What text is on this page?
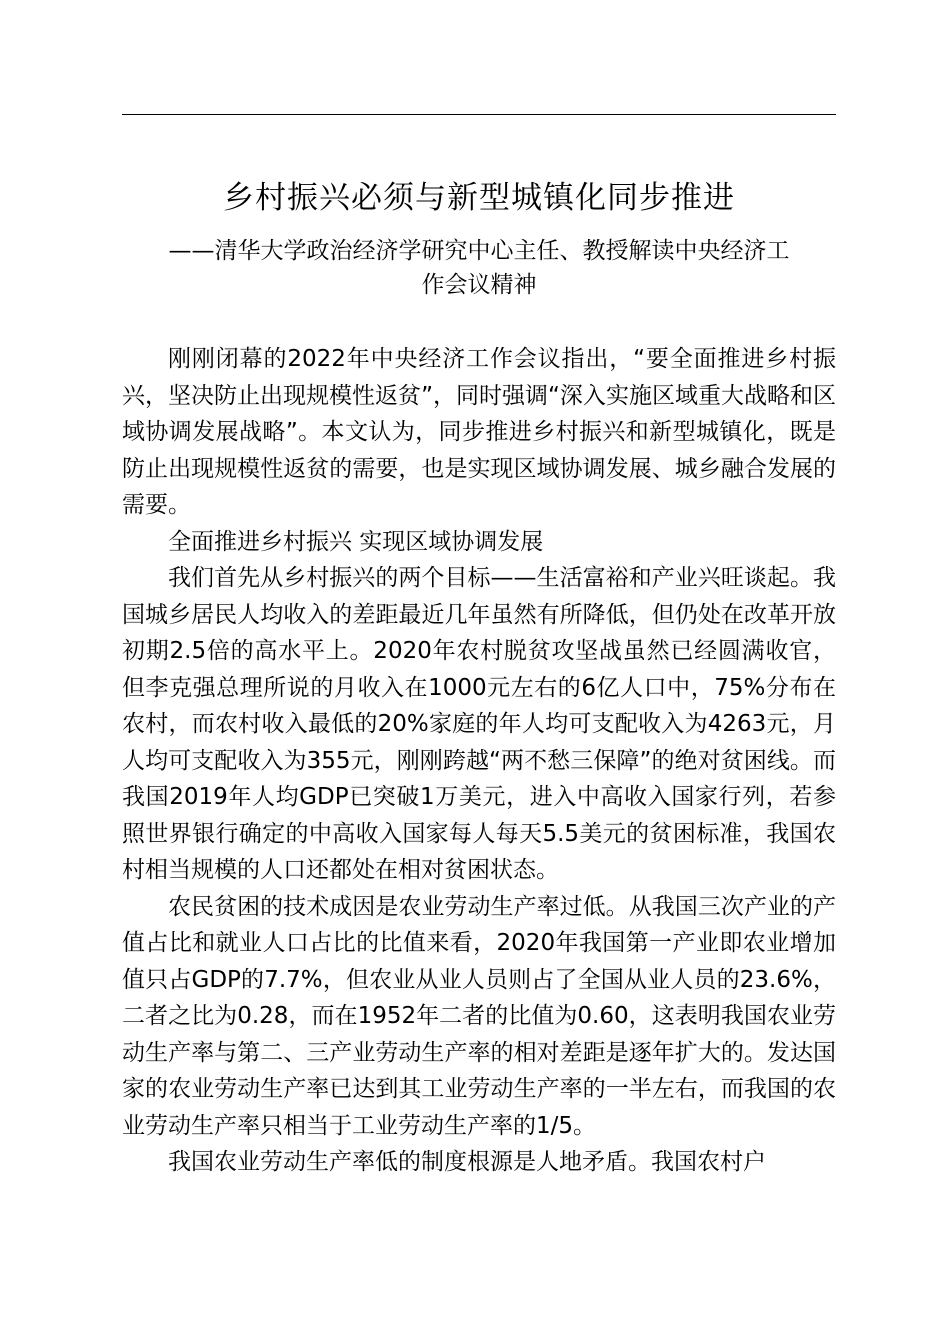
乡村振兴必须与新型城镇化同步推进
——清华大学政治经济学研究中心主任、教授解读中央经济工
作会议精神

刚刚闭幕的2022年中央经济工作会议指出，“要全面推进乡村振兴，坚决防止出现规模性返贫”，同时强调“深入实施区域重大战略和区域协调发展战略”。本文认为，同步推进乡村振兴和新型城镇化，既是防止出现规模性返贫的需要，也是实现区域协调发展、城乡融合发展的需要。

全面推进乡村振兴 实现区域协调发展

我们首先从乡村振兴的两个目标——生活富裕和产业兴旺谈起。我国城乡居民人均收入的差距最近几年虽然有所降低，但仍处在改革开放初期2.5倍的高水平上。2020年农村脱贫攻坚战虽然已经圆满收官，但李克强总理所说的月收入在1000元左右的6亿人口中，75%分布在农村，而农村收入最低的20%家庭的年人均可支配收入为4263元，月人均可支配收入为355元，刚刚跨越“两不愁三保障”的绝对贫困线。而我国2019年人均GDP已突破1万美元，进入中高收入国家行列，若参照世界银行确定的中高收入国家每人每天5.5美元的贫困标准，我国农村相当规模的人口还都处在相对贫困状态。

农民贫困的技术成因是农业劳动生产率过低。从我国三次产业的产值占比和就业人口占比的比值来看，2020年我国第一产业即农业增加值只占GDP的7.7%，但农业从业人员则占了全国从业人员的23.6%，二者之比为0.28，而在1952年二者的比值为0.60，这表明我国农业劳动生产率与第二、三产业劳动生产率的相对差距是逐年扩大的。发达国家的农业劳动生产率已达到其工业劳动生产率的一半左右，而我国的农业劳动生产率只相当于工业劳动生产率的1/5。

我国农业劳动生产率低的制度根源是人地矛盾。我国农村户
